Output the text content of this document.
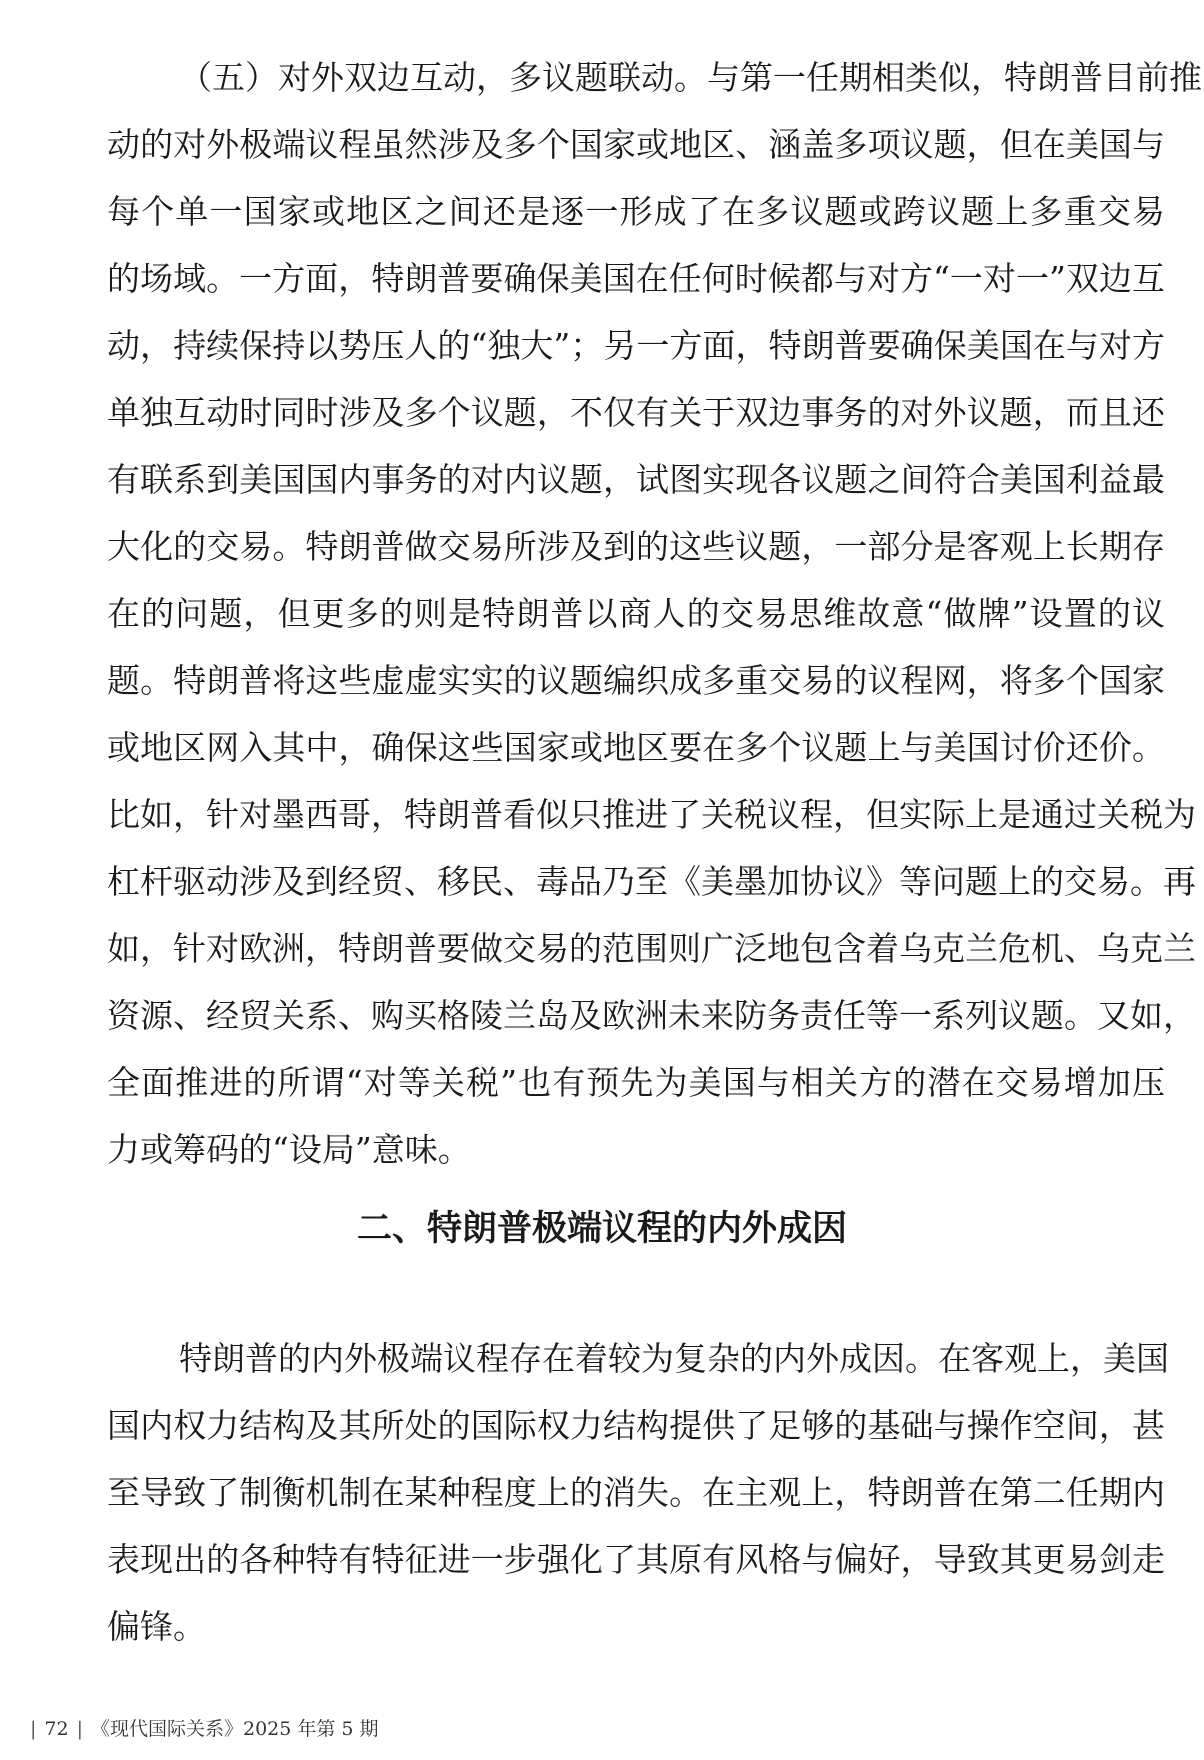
（五）对外双边互动，多议题联动。与第一任期相类似，特朗普目前推
动的对外极端议程虽然涉及多个国家或地区、涵盖多项议题，但在美国与
每个单一国家或地区之间还是逐一形成了在多议题或跨议题上多重交易
的场域。一方面，特朗普要确保美国在任何时候都与对方“一对一”双边互
动，持续保持以势压人的“独大”；另一方面，特朗普要确保美国在与对方
单独互动时同时涉及多个议题，不仅有关于双边事务的对外议题，而且还
有联系到美国国内事务的对内议题，试图实现各议题之间符合美国利益最
大化的交易。特朗普做交易所涉及到的这些议题，一部分是客观上长期存
在的问题，但更多的则是特朗普以商人的交易思维故意“做牌”设置的议
题。特朗普将这些虚虚实实的议题编织成多重交易的议程网，将多个国家
或地区网入其中，确保这些国家或地区要在多个议题上与美国讨价还价。
比如，针对墨西哥，特朗普看似只推进了关税议程，但实际上是通过关税为
杠杆驱动涉及到经贸、移民、毒品乃至《美墨加协议》等问题上的交易。再
如，针对欧洲，特朗普要做交易的范围则广泛地包含着乌克兰危机、乌克兰
资源、经贸关系、购买格陵兰岛及欧洲未来防务责任等一系列议题。又如，
全面推进的所谓“对等关税”也有预先为美国与相关方的潜在交易增加压
力或筹码的“设局”意味。
二、特朗普极端议程的内外成因
特朗普的内外极端议程存在着较为复杂的内外成因。在客观上，美国
国内权力结构及其所处的国际权力结构提供了足够的基础与操作空间，甚
至导致了制衡机制在某种程度上的消失。在主观上，特朗普在第二任期内
表现出的各种特有特征进一步强化了其原有风格与偏好，导致其更易剑走
偏锋。
| 72 | 《现代国际关系》2025 年第 5 期
